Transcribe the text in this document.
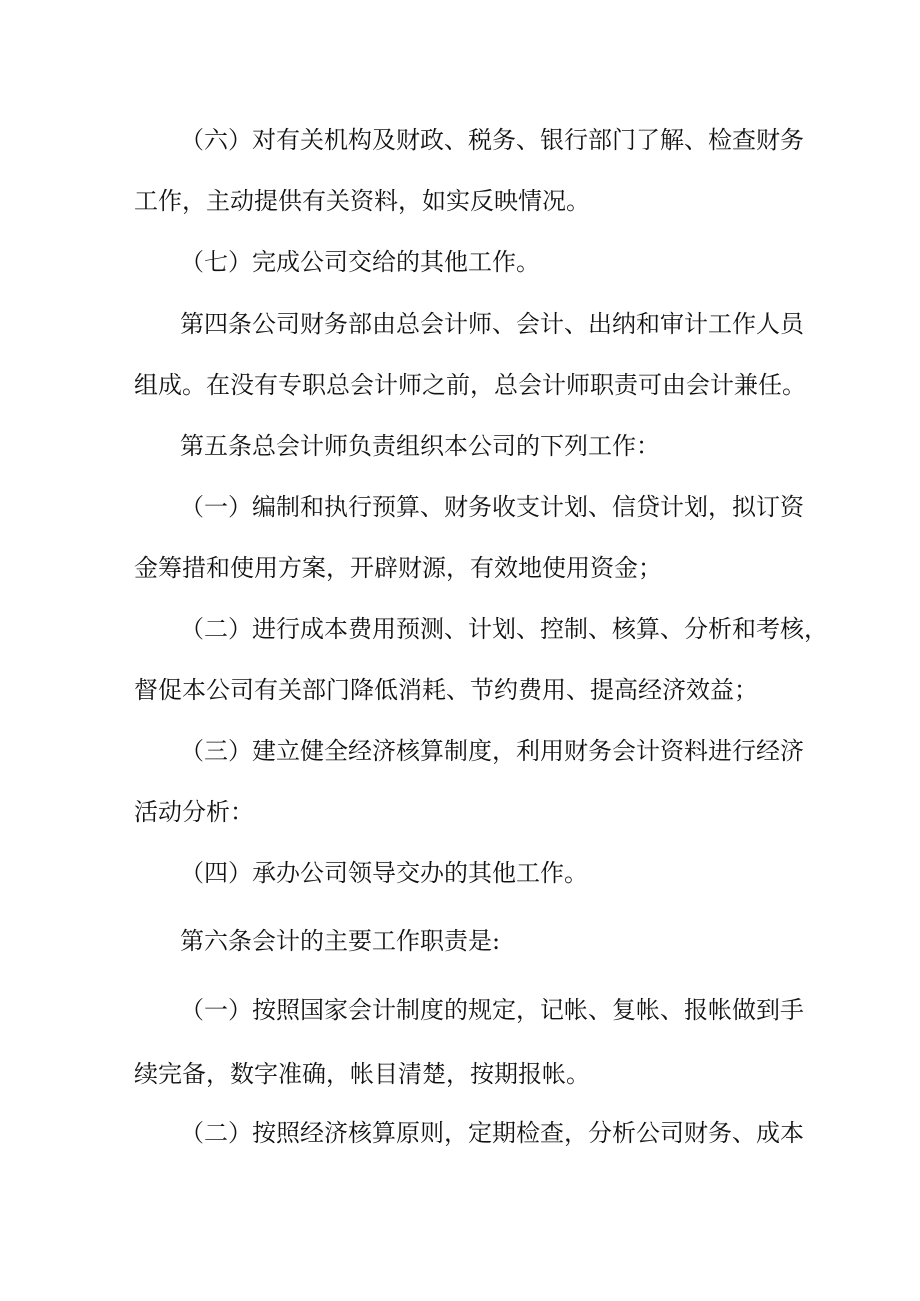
（六）对有关机构及财政、税务、银行部门了解、检查财务
工作，主动提供有关资料，如实反映情况。
（七）完成公司交给的其他工作。
第四条公司财务部由总会计师、会计、出纳和审计工作人员
组成。在没有专职总会计师之前，总会计师职责可由会计兼任。
第五条总会计师负责组织本公司的下列工作：
（一）编制和执行预算、财务收支计划、信贷计划，拟订资
金筹措和使用方案，开辟财源，有效地使用资金；
（二）进行成本费用预测、计划、控制、核算、分析和考核，
督促本公司有关部门降低消耗、节约费用、提高经济效益；
（三）建立健全经济核算制度，利用财务会计资料进行经济
活动分析：
（四）承办公司领导交办的其他工作。
第六条会计的主要工作职责是:
（一）按照国家会计制度的规定，记帐、复帐、报帐做到手
续完备，数字准确，帐目清楚，按期报帐。
（二）按照经济核算原则，定期检查，分析公司财务、成本
